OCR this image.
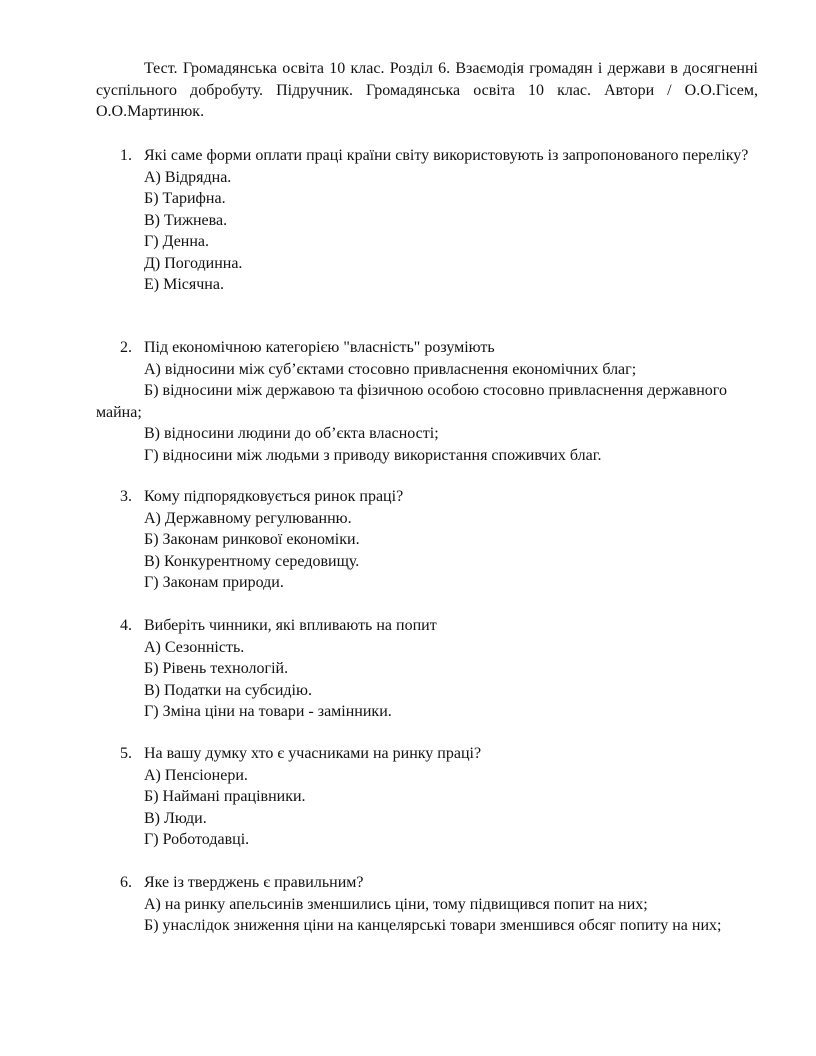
Тест. Громадянська освіта 10 клас. Розділ 6. Взаємодія громадян і держави в досягненні суспільного добробуту. Підручник. Громадянська освіта 10 клас. Автори / О.О.Гісем, О.О.Мартинюк.
1. Які саме форми оплати праці країни світу використовують із запропонованого переліку?
А) Відрядна.
Б) Тарифна.
В) Тижнева.
Г) Денна.
Д) Погодинна.
Е) Місячна.
2. Під економічною категорією "власність" розуміють
А) відносини між суб’єктами стосовно привласнення економічних благ;
Б) відносини між державою та фізичною особою стосовно привласнення державного майна;
В) відносини людини до об’єкта власності;
Г) відносини між людьми з приводу використання споживчих благ.
3. Кому підпорядковується ринок праці?
А) Державному регулюванню.
Б) Законам ринкової економіки.
В) Конкурентному середовищу.
Г) Законам природи.
4. Виберіть чинники, які впливають на попит
А) Сезонність.
Б) Рівень технологій.
В) Податки на субсидію.
Г) Зміна ціни на товари - замінники.
5. На вашу думку хто є учасниками на ринку праці?
А) Пенсіонери.
Б) Наймані працівники.
В) Люди.
Г) Роботодавці.
6. Яке із тверджень є правильним?
А) на ринку апельсинів зменшились ціни, тому підвищився попит на них;
Б) унаслідок зниження ціни на канцелярські товари зменшився обсяг попиту на них;
